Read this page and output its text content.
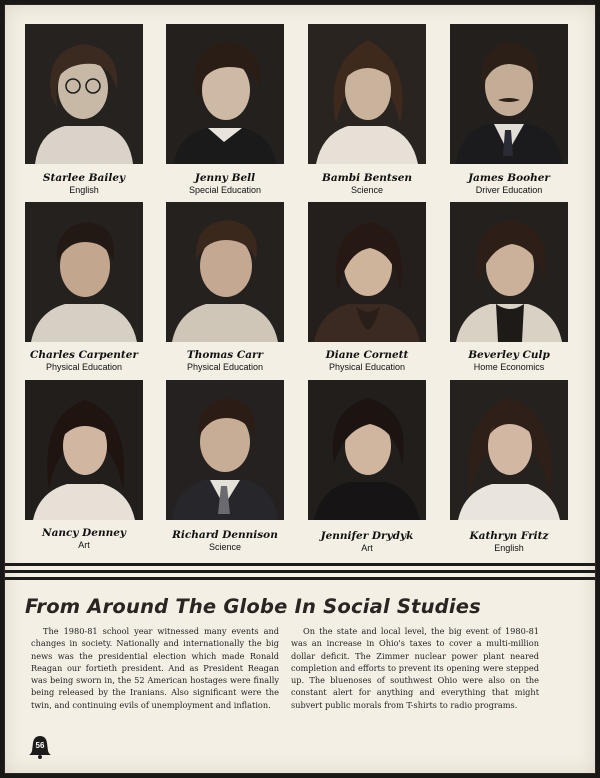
Starlee Bailey
English
Jenny Bell
Special Education
Bambi Bentsen
Science
James Booher
Driver Education
Charles Carpenter
Physical Education
Thomas Carr
Physical Education
Diane Cornett
Physical Education
Beverley Culp
Home Economics
Nancy Denney
Art
Richard Dennison
Science
Jennifer Drydyk
Art
Kathryn Fritz
English
From Around The Globe In Social Studies

The 1980-81 school year witnessed many events and changes in society. Nationally and internationally the big news was the presidential election which made Ronald Reagan our fortieth president. And as President Reagan was being sworn in, the 52 American hostages were finally being released by the Iranians. Also significant were the twin, and continuing evils of unemployment and inflation.

On the state and local level, the big event of 1980-81 was an increase in Ohio's taxes to cover a multi-million dollar deficit. The Zimmer nuclear power plant neared completion and efforts to prevent its opening were stepped up. The bluenoses of southwest Ohio were also on the constant alert for anything and everything that might subvert public morals from T-shirts to radio programs.

56
